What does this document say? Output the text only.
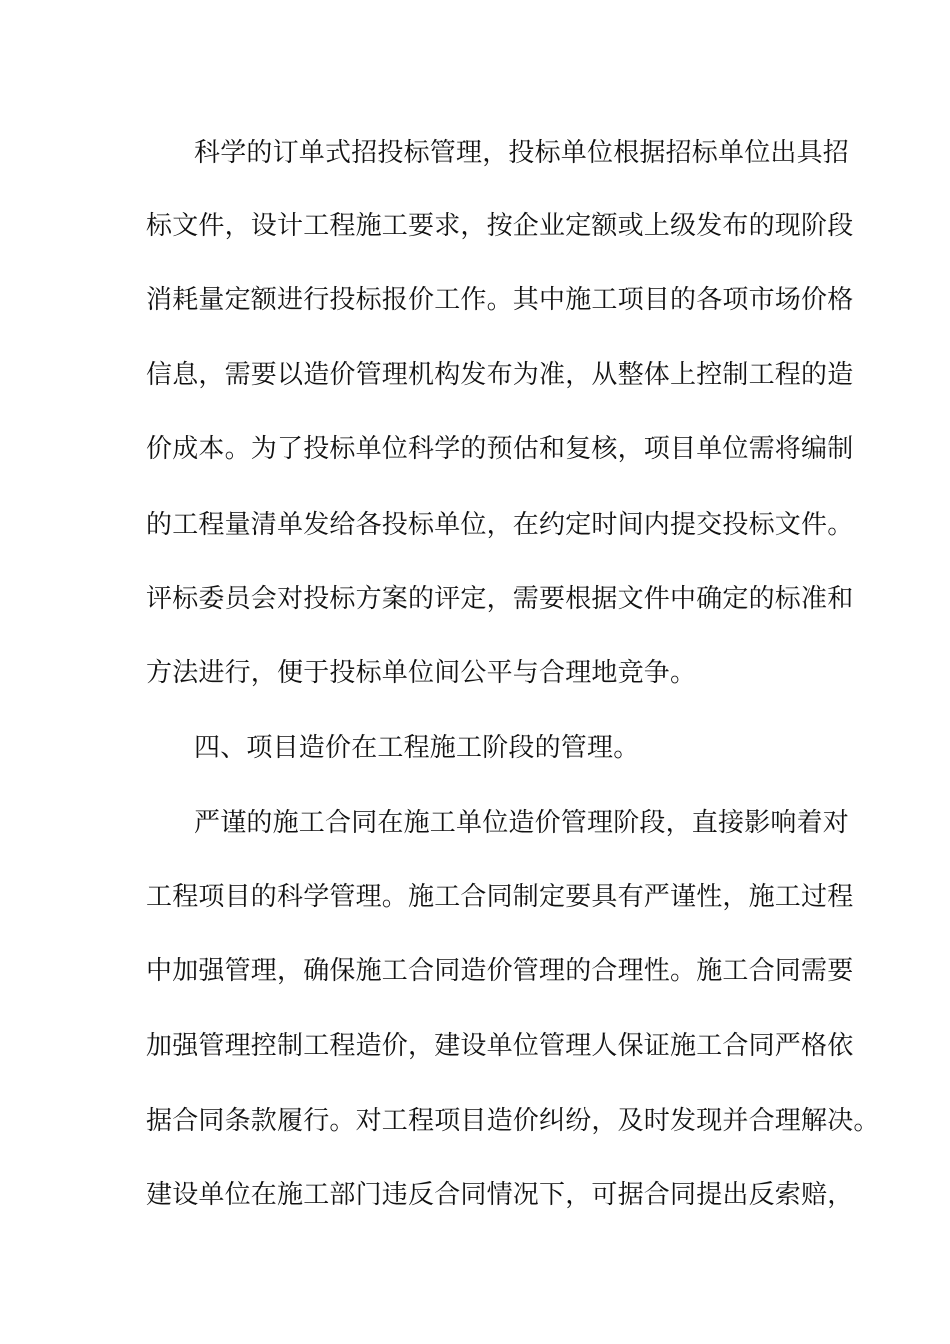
科学的订单式招投标管理，投标单位根据招标单位出具招
标文件，设计工程施工要求，按企业定额或上级发布的现阶段
消耗量定额进行投标报价工作。其中施工项目的各项市场价格
信息，需要以造价管理机构发布为准，从整体上控制工程的造
价成本。为了投标单位科学的预估和复核，项目单位需将编制
的工程量清单发给各投标单位，在约定时间内提交投标文件。
评标委员会对投标方案的评定，需要根据文件中确定的标准和
方法进行，便于投标单位间公平与合理地竞争。
四、项目造价在工程施工阶段的管理。
严谨的施工合同在施工单位造价管理阶段，直接影响着对
工程项目的科学管理。施工合同制定要具有严谨性，施工过程
中加强管理，确保施工合同造价管理的合理性。施工合同需要
加强管理控制工程造价，建设单位管理人保证施工合同严格依
据合同条款履行。对工程项目造价纠纷，及时发现并合理解决。
建设单位在施工部门违反合同情况下，可据合同提出反索赔，
